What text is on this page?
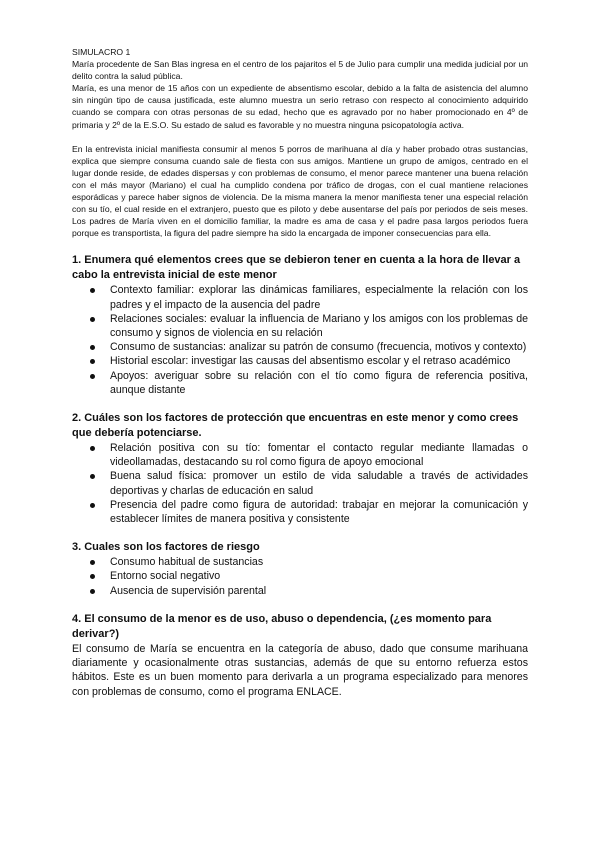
SIMULACRO 1

María procedente de San Blas ingresa en el centro de los pajaritos el 5 de Julio para cumplir una medida judicial por un delito contra la salud pública.

María, es una menor de 15 años con un expediente de absentismo escolar, debido a la falta de asistencia del alumno sin ningún tipo de causa justificada, este alumno muestra un serio retraso con respecto al conocimiento adquirido cuando se compara con otras personas de su edad, hecho que es agravado por no haber promocionado en 4º de primaria y 2º de la E.S.O. Su estado de salud es favorable y no muestra ninguna psicopatología activa.

En la entrevista inicial manifiesta consumir al menos 5 porros de marihuana al día y haber probado otras sustancias, explica que siempre consuma cuando sale de fiesta con sus amigos. Mantiene un grupo de amigos, centrado en el lugar donde reside, de edades dispersas y con problemas de consumo, el menor parece mantener una buena relación con el más mayor (Mariano) el cual ha cumplido condena por tráfico de drogas, con el cual mantiene relaciones esporádicas y parece haber signos de violencia. De la misma manera la menor manifiesta tener una especial relación con su tío, el cual reside en el extranjero, puesto que es piloto y debe ausentarse del país por periodos de seis meses. Los padres de María viven en el domicilio familiar, la madre es ama de casa y el padre pasa largos periodos fuera porque es transportista, la figura del padre siempre ha sido la encargada de imponer consecuencias para ella.

1. Enumera qué elementos crees que se debieron tener en cuenta a la hora de llevar a cabo la entrevista inicial de este menor

Contexto familiar: explorar las dinámicas familiares, especialmente la relación con los padres y el impacto de la ausencia del padre
Relaciones sociales: evaluar la influencia de Mariano y los amigos con los problemas de consumo y signos de violencia en su relación
Consumo de sustancias: analizar su patrón de consumo (frecuencia, motivos y contexto)
Historial escolar: investigar las causas del absentismo escolar y el retraso académico
Apoyos: averiguar sobre su relación con el tío como figura de referencia positiva, aunque distante

2. Cuáles son los factores de protección que encuentras en este menor y como crees que debería potenciarse.

Relación positiva con su tío: fomentar el contacto regular mediante llamadas o videollamadas, destacando su rol como figura de apoyo emocional
Buena salud física: promover un estilo de vida saludable a través de actividades deportivas y charlas de educación en salud
Presencia del padre como figura de autoridad: trabajar en mejorar la comunicación y establecer límites de manera positiva y consistente

3. Cuales son los factores de riesgo

Consumo habitual de sustancias
Entorno social negativo
Ausencia de supervisión parental

4. El consumo de la menor es de uso, abuso o dependencia, (¿es momento para derivar?)

El consumo de María se encuentra en la categoría de abuso, dado que consume marihuana diariamente y ocasionalmente otras sustancias, además de que su entorno refuerza estos hábitos. Este es un buen momento para derivarla a un programa especializado para menores con problemas de consumo, como el programa ENLACE.
